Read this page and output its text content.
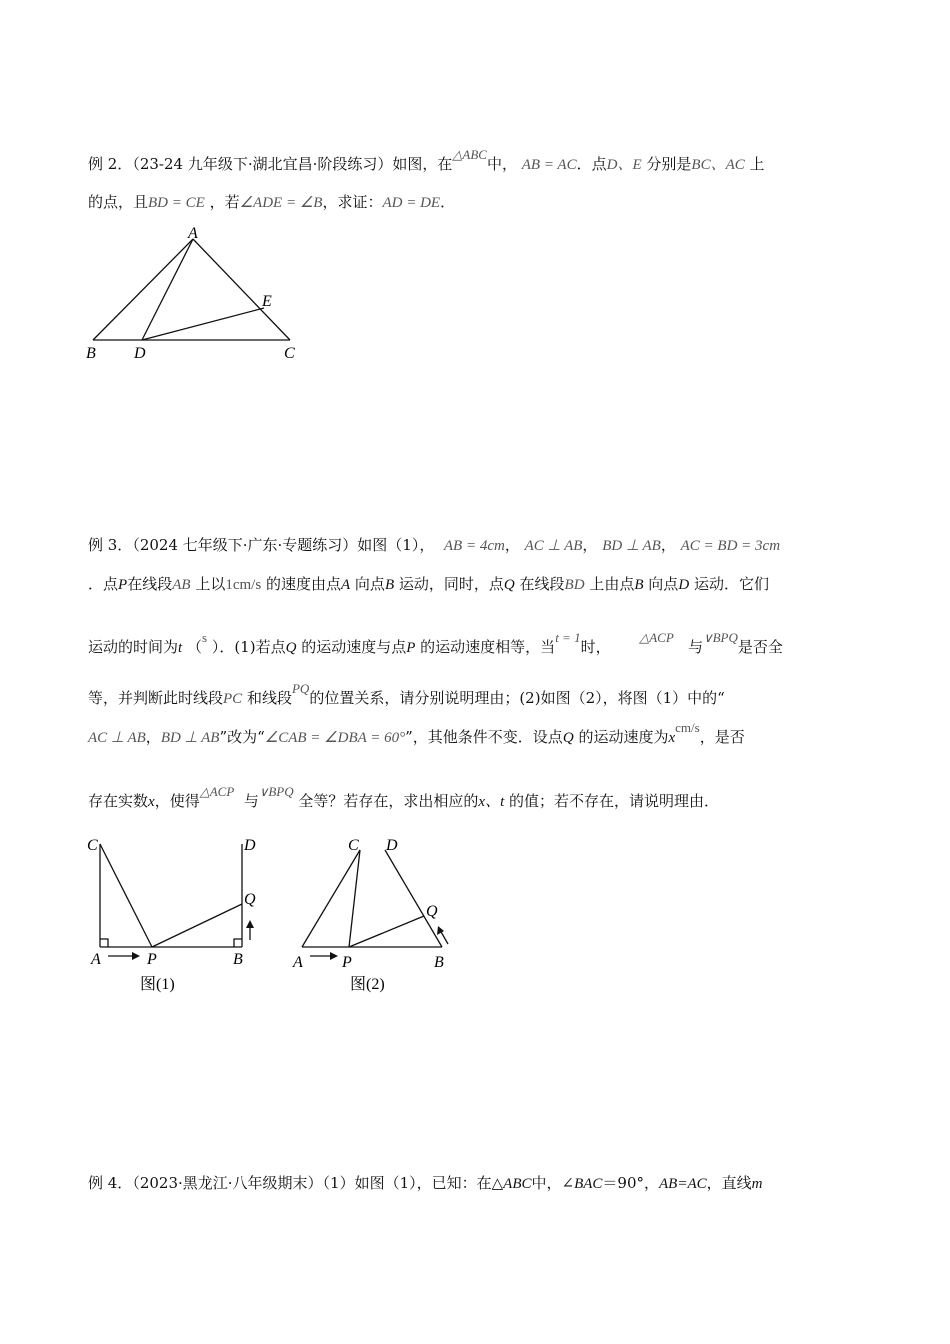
例 2．（23-24 九年级下·湖北宜昌·阶段练习）如图，在△ABC中， AB = AC．点D、E 分别是BC、AC 上
的点，且BD = CE ，若∠ADE = ∠B，求证：AD = DE．
A
B D	C
E
例 3．（2024 七年级下·广东·专题练习）如图（1）， AB = 4cm， AC ⊥ AB， BD ⊥ AB， AC = BD = 3cm
．点P在线段AB 上以1cm/s 的速度由点A 向点B 运动，同时，点Q 在线段BD 上由点B 向点D 运动．它们
运动的时间为t （s ）．(1)若点Q 的运动速度与点P 的运动速度相等，当t = 1时，      △ACP   与∨BPQ是否全
等，并判断此时线段PC 和线段PQ的位置关系，请分别说明理由；(2)如图（2），将图（1）中的“
AC ⊥ AB，BD ⊥ AB”改为“∠CAB = ∠DBA = 60°”，其他条件不变．设点Q 的运动速度为xcm/s，是否
存在实数x，使得△ACP  与∨BPQ 全等？若存在，求出相应的x、t 的值；若不存在，请说明理由．
C	D
Q
A	P	B
图(1)
C D
Q
A P	B
图(2)
例 4．（2023·黑龙江·八年级期末）（1）如图（1），已知：在△ABC中，∠BAC＝90°，AB=AC，直线m
